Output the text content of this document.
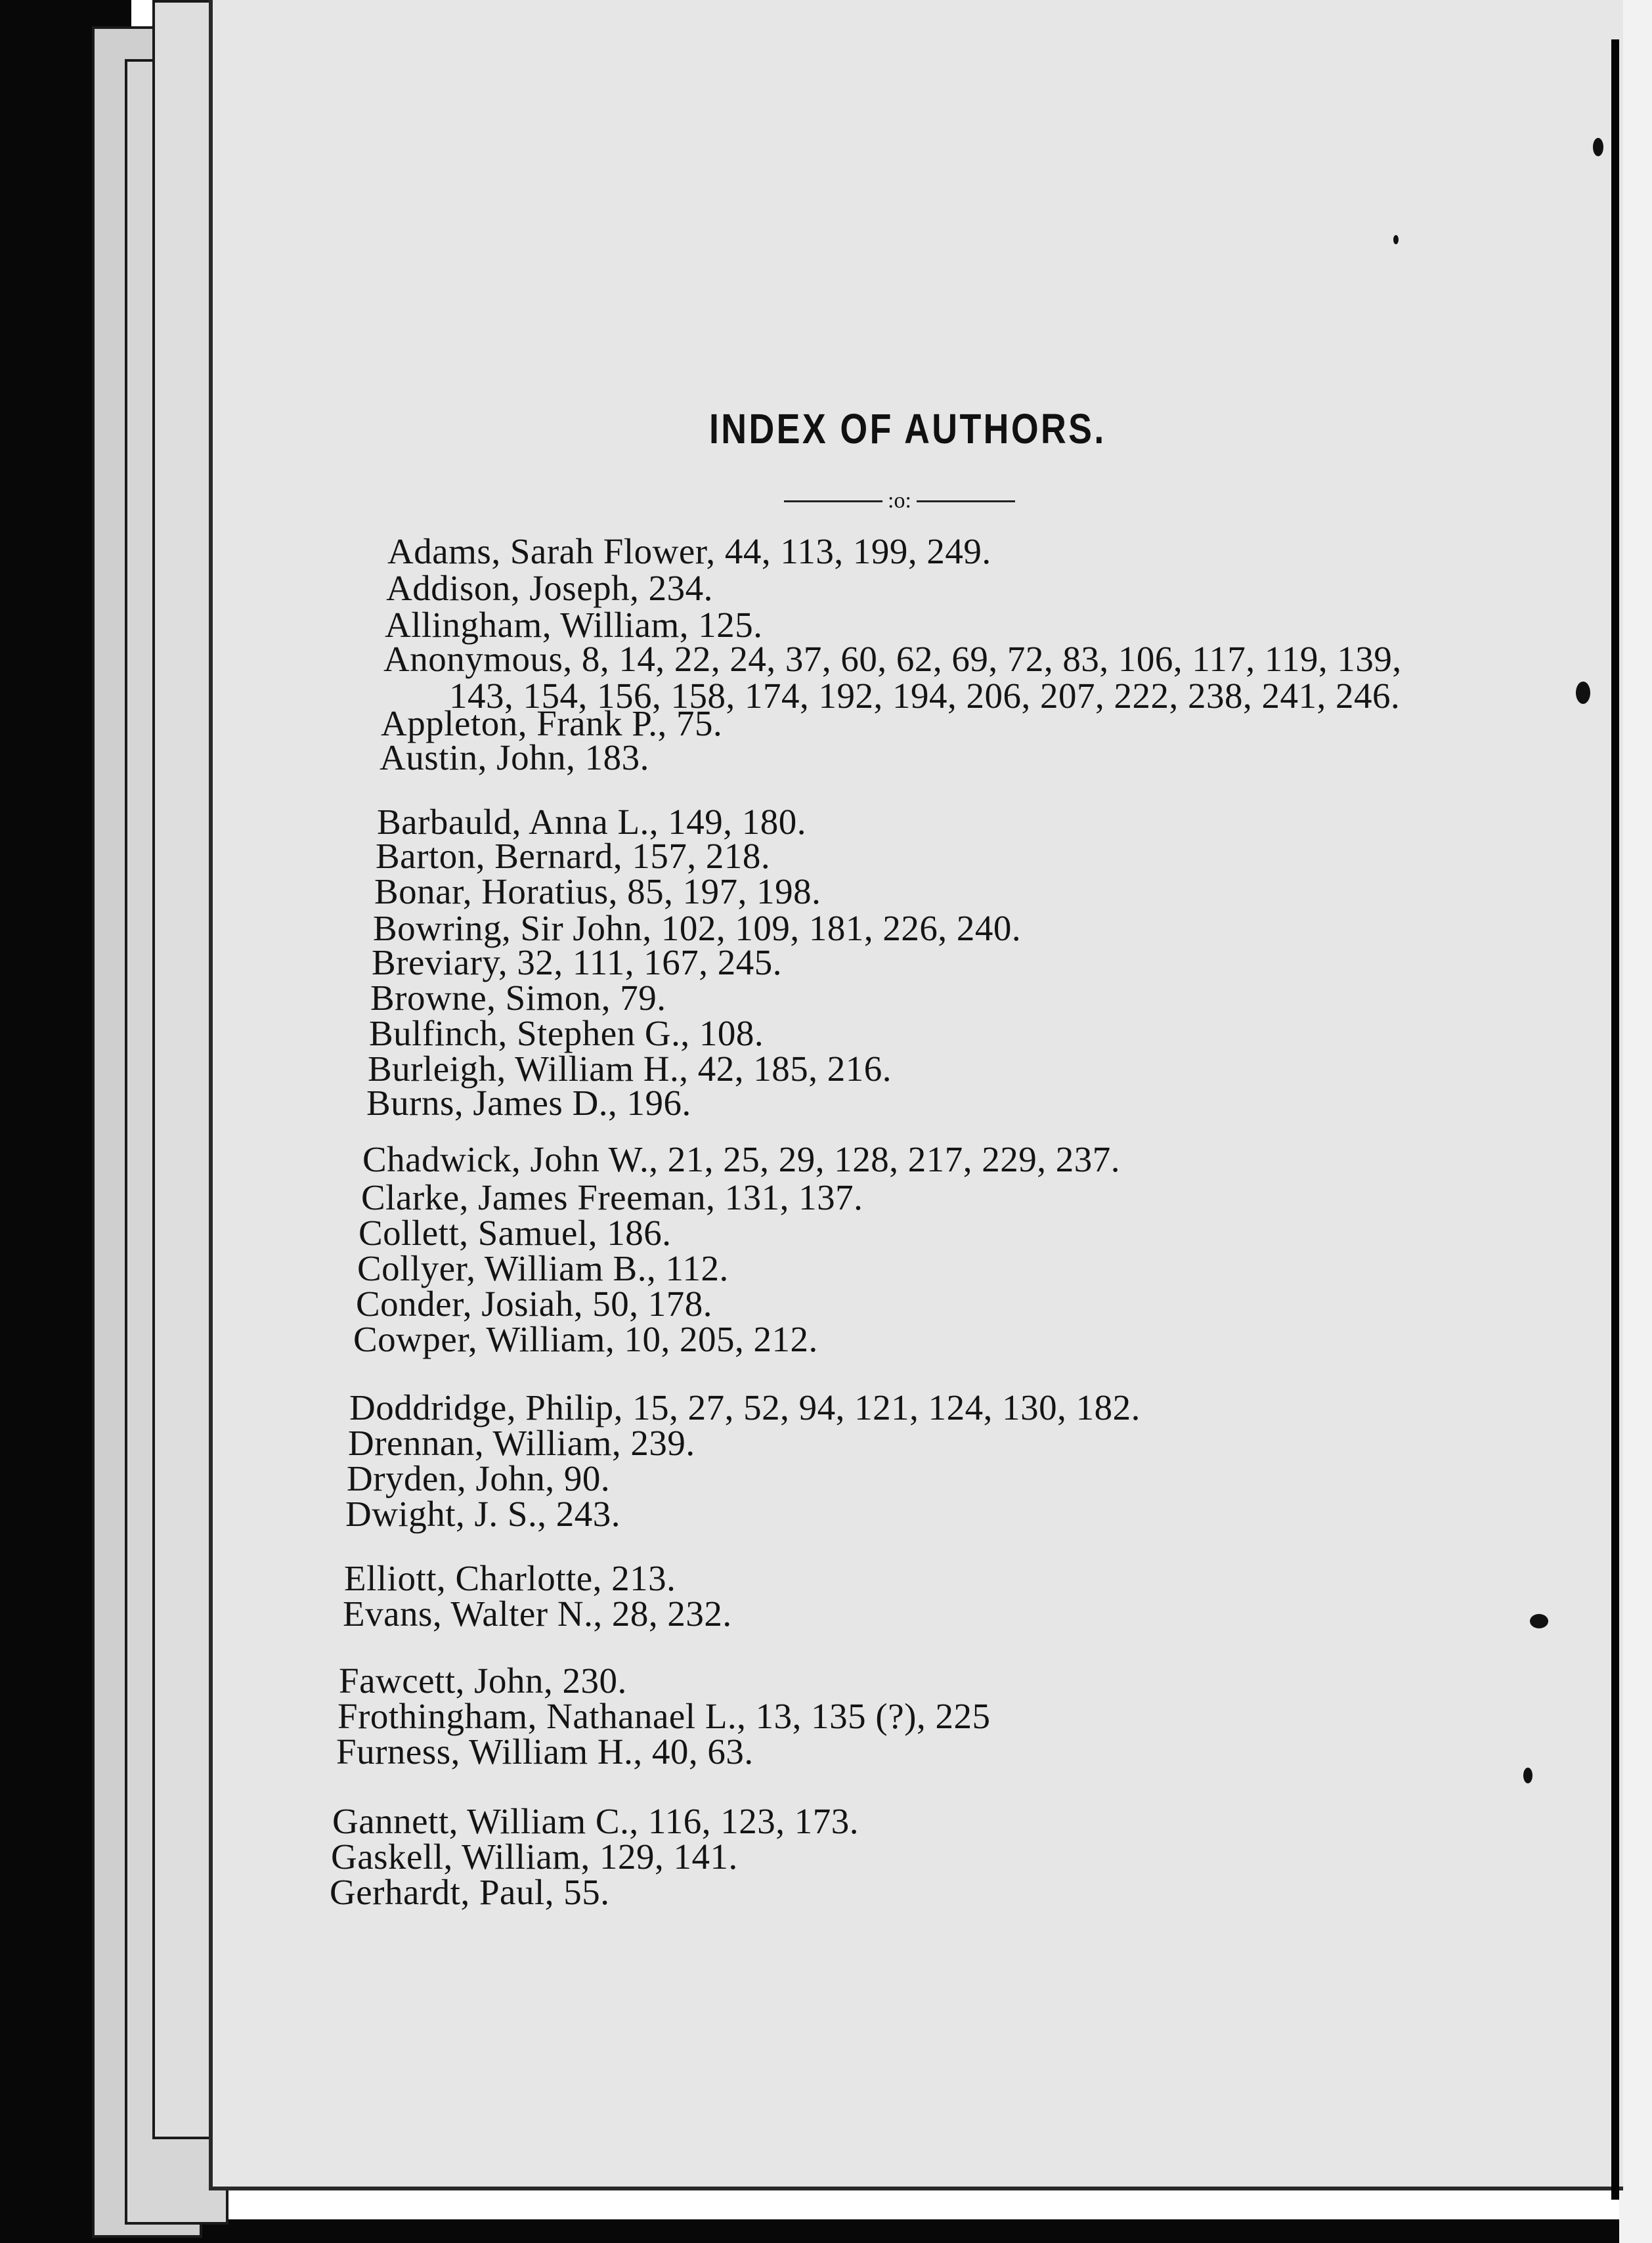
INDEX OF AUTHORS.
:o:
Adams, Sarah Flower, 44, 113, 199, 249.
Addison, Joseph, 234.
Allingham, William, 125.
Anonymous, 8, 14, 22, 24, 37, 60, 62, 69, 72, 83, 106, 117, 119, 139,
143, 154, 156, 158, 174, 192, 194, 206, 207, 222, 238, 241, 246.
Appleton, Frank P., 75.
Austin, John, 183.
Barbauld, Anna L., 149, 180.
Barton, Bernard, 157, 218.
Bonar, Horatius, 85, 197, 198.
Bowring, Sir John, 102, 109, 181, 226, 240.
Breviary, 32, 111, 167, 245.
Browne, Simon, 79.
Bulfinch, Stephen G., 108.
Burleigh, William H., 42, 185, 216.
Burns, James D., 196.
Chadwick, John W., 21, 25, 29, 128, 217, 229, 237.
Clarke, James Freeman, 131, 137.
Collett, Samuel, 186.
Collyer, William B., 112.
Conder, Josiah, 50, 178.
Cowper, William, 10, 205, 212.
Doddridge, Philip, 15, 27, 52, 94, 121, 124, 130, 182.
Drennan, William, 239.
Dryden, John, 90.
Dwight, J. S., 243.
Elliott, Charlotte, 213.
Evans, Walter N., 28, 232.
Fawcett, John, 230.
Frothingham, Nathanael L., 13, 135 (?), 225
Furness, William H., 40, 63.
Gannett, William C., 116, 123, 173.
Gaskell, William, 129, 141.
Gerhardt, Paul, 55.
